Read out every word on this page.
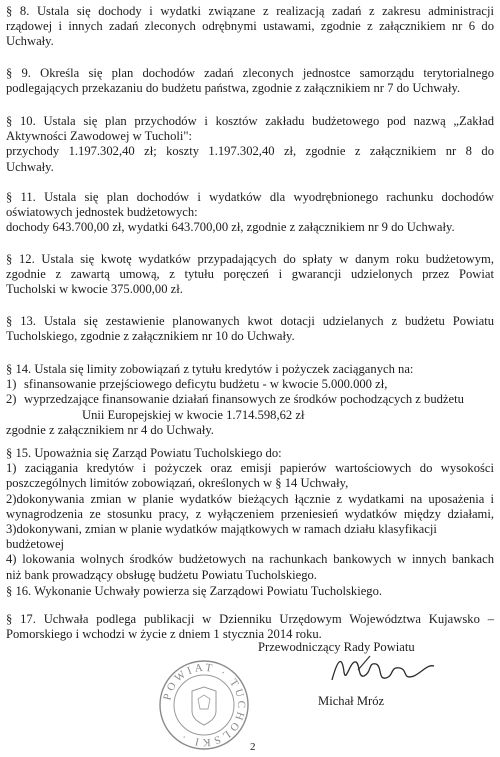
§ 8. Ustala się dochody i wydatki związane z realizacją zadań z zakresu administracji
rządowej i innych zadań zleconych odrębnymi ustawami, zgodnie z załącznikiem nr 6 do
Uchwały.
§ 9. Określa się plan dochodów zadań zleconych jednostce samorządu terytorialnego
podlegających przekazaniu do budżetu państwa, zgodnie z załącznikiem nr 7 do Uchwały.
§ 10. Ustala się plan przychodów i kosztów zakładu budżetowego pod nazwą „Zakład
Aktywności Zawodowej w Tucholi":
przychody 1.197.302,40 zł; koszty 1.197.302,40 zł, zgodnie z załącznikiem nr 8 do
Uchwały.
§ 11. Ustala się plan dochodów i wydatków dla wyodrębnionego rachunku dochodów
oświatowych jednostek budżetowych:
dochody 643.700,00 zł, wydatki 643.700,00 zł, zgodnie z załącznikiem nr 9 do Uchwały.
§ 12. Ustala się kwotę wydatków przypadających do spłaty w danym roku budżetowym,
zgodnie z zawartą umową, z tytułu poręczeń i gwarancji udzielonych przez Powiat
Tucholski w kwocie 375.000,00 zł.
§ 13. Ustala się zestawienie planowanych kwot dotacji udzielanych z budżetu Powiatu
Tucholskiego, zgodnie z załącznikiem nr 10 do Uchwały.
§ 14. Ustala się limity zobowiązań z tytułu kredytów i pożyczek zaciąganych na:
1) sfinansowanie przejściowego deficytu budżetu - w kwocie 5.000.000 zł,
2) wyprzedzające finansowanie działań finansowych ze środków pochodzących z budżetu
Unii Europejskiej w kwocie 1.714.598,62 zł
zgodnie z załącznikiem nr 4 do Uchwały.
§ 15. Upoważnia się Zarząd Powiatu Tucholskiego do:
1) zaciągania kredytów i pożyczek oraz emisji papierów wartościowych do wysokości
poszczególnych limitów zobowiązań, określonych w § 14 Uchwały,
2)dokonywania zmian w planie wydatków bieżących łącznie z wydatkami na uposażenia i
wynagrodzenia ze stosunku pracy, z wyłączeniem przeniesień wydatków między działami,
3)dokonywani, zmian w planie wydatków majątkowych w ramach działu klasyfikacji
budżetowej
4) lokowania wolnych środków budżetowych na rachunkach bankowych w innych bankach
niż bank prowadzący obsługę budżetu Powiatu Tucholskiego.
§ 16. Wykonanie Uchwały powierza się Zarządowi Powiatu Tucholskiego.
§ 17. Uchwała podlega publikacji w Dzienniku Urzędowym Województwa Kujawsko –
Pomorskiego i wchodzi w życie z dniem 1 stycznia 2014 roku.
Przewodniczący Rady Powiatu
Michał Mróz
POWIAT · TUCHOLSKI ·
2
